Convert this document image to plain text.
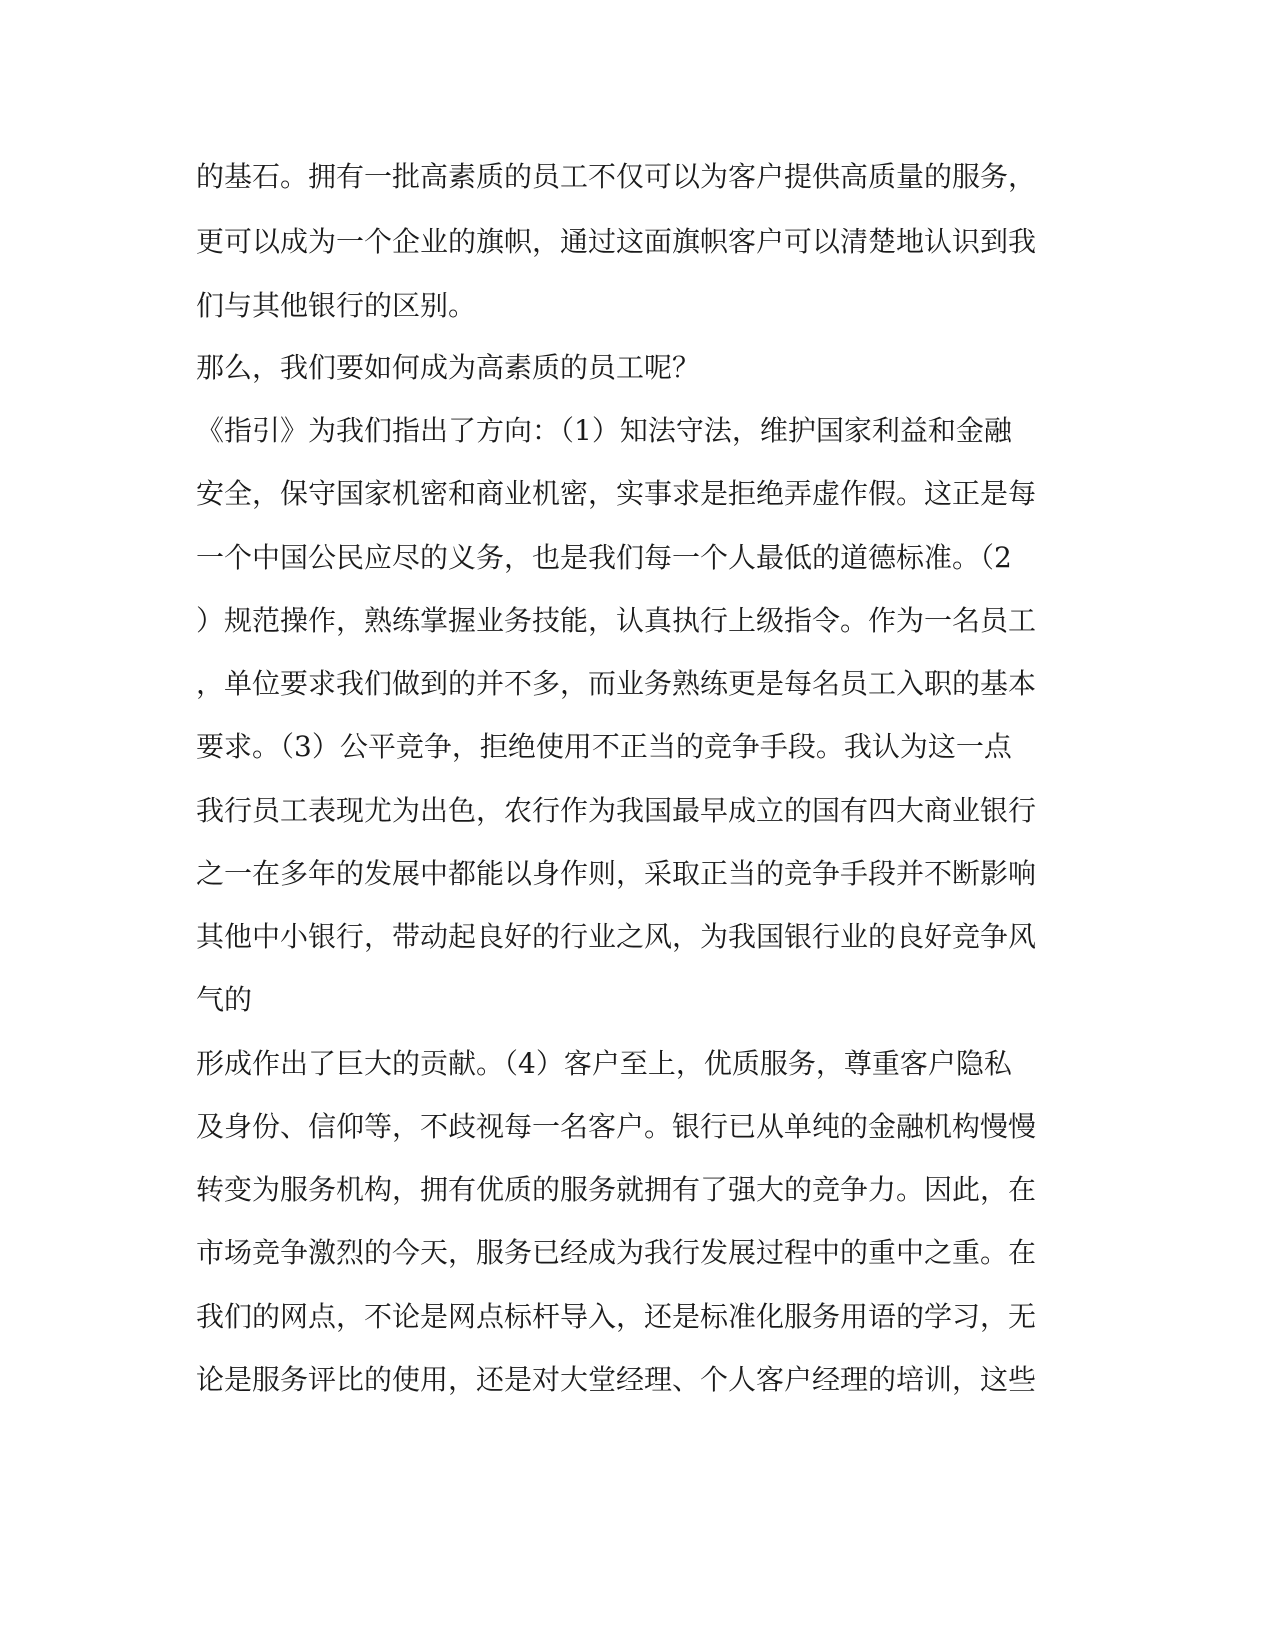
的基石。拥有一批高素质的员工不仅可以为客户提供高质量的服务，
更可以成为一个企业的旗帜，通过这面旗帜客户可以清楚地认识到我
们与其他银行的区别。
那么，我们要如何成为高素质的员工呢？
《指引》为我们指出了方向：（1）知法守法，维护国家利益和金融
安全，保守国家机密和商业机密，实事求是拒绝弄虚作假。这正是每
一个中国公民应尽的义务，也是我们每一个人最低的道德标准。（2
）规范操作，熟练掌握业务技能，认真执行上级指令。作为一名员工
，单位要求我们做到的并不多，而业务熟练更是每名员工入职的基本
要求。（3）公平竞争，拒绝使用不正当的竞争手段。我认为这一点
我行员工表现尤为出色，农行作为我国最早成立的国有四大商业银行
之一在多年的发展中都能以身作则，采取正当的竞争手段并不断影响
其他中小银行，带动起良好的行业之风，为我国银行业的良好竞争风
气的
形成作出了巨大的贡献。（4）客户至上，优质服务，尊重客户隐私
及身份、信仰等，不歧视每一名客户。银行已从单纯的金融机构慢慢
转变为服务机构，拥有优质的服务就拥有了强大的竞争力。因此，在
市场竞争激烈的今天，服务已经成为我行发展过程中的重中之重。在
我们的网点，不论是网点标杆导入，还是标准化服务用语的学习，无
论是服务评比的使用，还是对大堂经理、个人客户经理的培训，这些
